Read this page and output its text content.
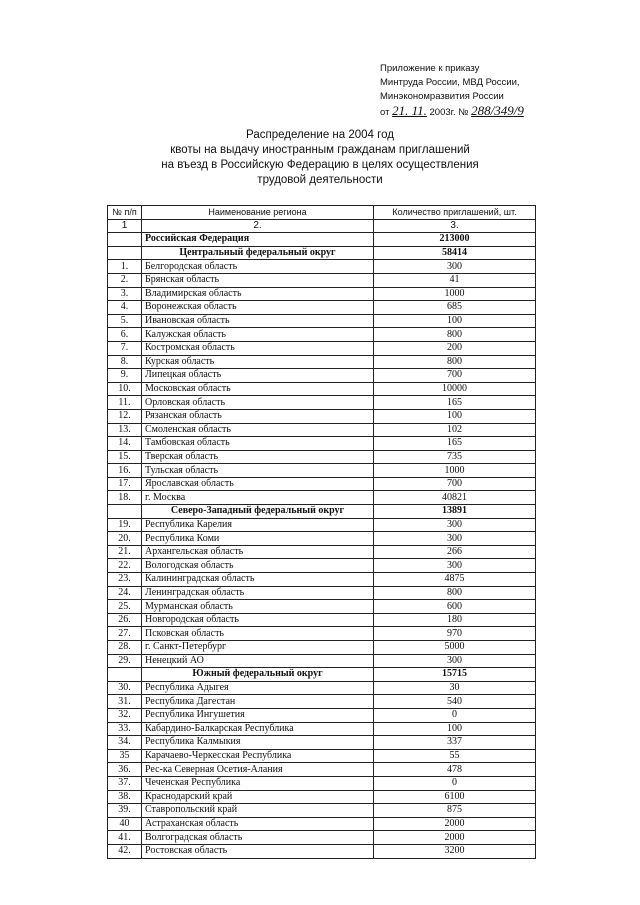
Приложение к приказу
Минтруда России, МВД России,
Минэкономразвития России
от 21. 11. 2003г. № 288/349/9
Распределение на 2004 год
квоты на выдачу иностранным гражданам приглашений
на въезд в Российскую Федерацию в целях осуществления
трудовой деятельности
№ п/п	Наименование региона	Количество приглашений, шт.
1	2.	3.
	Российская Федерация	213000
	Центральный федеральный округ	58414
1.	Белгородская область	300
2.	Брянская область	41
3.	Владимирская область	1000
4.	Воронежская область	685
5.	Ивановская область	100
6.	Калужская область	800
7.	Костромская область	200
8.	Курская область	800
9.	Липецкая область	700
10.	Московская область	10000
11.	Орловская область	165
12.	Рязанская область	100
13.	Смоленская область	102
14.	Тамбовская область	165
15.	Тверская область	735
16.	Тульская область	1000
17.	Ярославская область	700
18.	г. Москва	40821
	Северо-Западный федеральный округ	13891
19.	Республика Карелия	300
20.	Республика Коми	300
21.	Архангельская область	266
22.	Вологодская область	300
23.	Калининградская область	4875
24.	Ленинградская область	800
25.	Мурманская область	600
26.	Новгородская область	180
27.	Псковская область	970
28.	г. Санкт-Петербург	5000
29.	Ненецкий АО	300
	Южный федеральный округ	15715
30.	Республика Адыгея	30
31.	Республика Дагестан	540
32.	Республика Ингушетия	0
33.	Кабардино-Балкарская Республика	100
34.	Республика Калмыкия	337
35	Карачаево-Черкесская Республика	55
36.	Рес-ка Северная Осетия-Алания	478
37.	Чеченская Республика	0
38.	Краснодарский край	6100
39.	Ставропольский край	875
40	Астраханская область	2000
41.	Волгоградская область	2000
42.	Ростовская область	3200
